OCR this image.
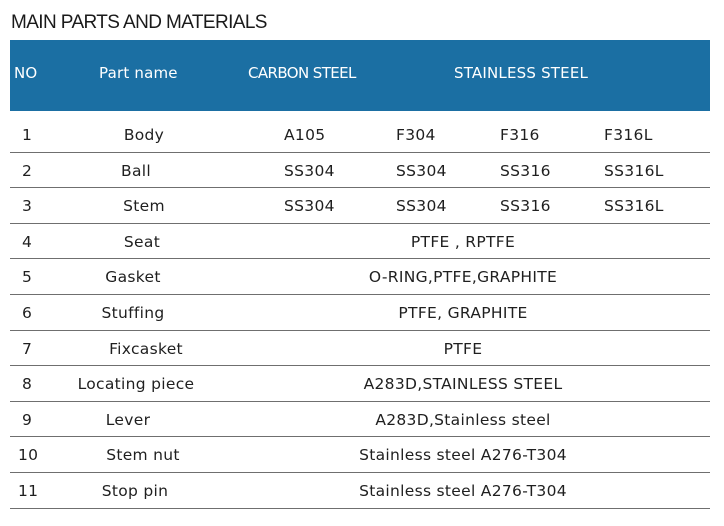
MAIN PARTS AND MATERIALS
NO	Part name	CARBON STEEL	STAINLESS STEEL
1	Body	A105	F304	F316	F316L
2	Ball	SS304	SS304	SS316	SS316L
3	Stem	SS304	SS304	SS316	SS316L
4	Seat	PTFE , RPTFE
5	Gasket	O-RING,PTFE,GRAPHITE
6	Stuffing	PTFE, GRAPHITE
7	Fixcasket	PTFE
8	Locating piece	A283D,STAINLESS STEEL
9	Lever	A283D,Stainless steel
10	Stem nut	Stainless steel A276-T304
11	Stop pin	Stainless steel A276-T304
